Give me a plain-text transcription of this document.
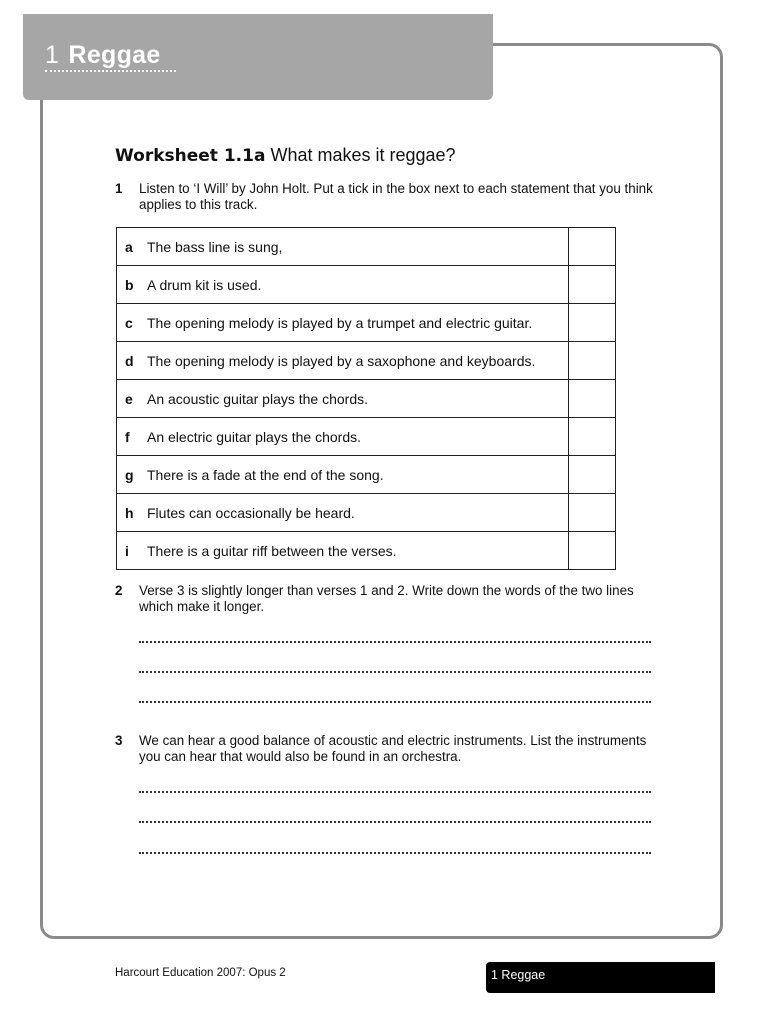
1 Reggae
Worksheet 1.1a What makes it reggae?
1 Listen to ‘I Will’ by John Holt. Put a tick in the box next to each statement that you think applies to this track.
a The bass line is sung,	
b A drum kit is used.	
c The opening melody is played by a trumpet and electric guitar.	
d The opening melody is played by a saxophone and keyboards.	
e An acoustic guitar plays the chords.	
f An electric guitar plays the chords.	
g There is a fade at the end of the song.	
h Flutes can occasionally be heard.	
i There is a guitar riff between the verses.	
2 Verse 3 is slightly longer than verses 1 and 2. Write down the words of the two lines which make it longer.
3 We can hear a good balance of acoustic and electric instruments. List the instruments you can hear that would also be found in an orchestra.
Harcourt Education 2007: Opus 2	1 Reggae
